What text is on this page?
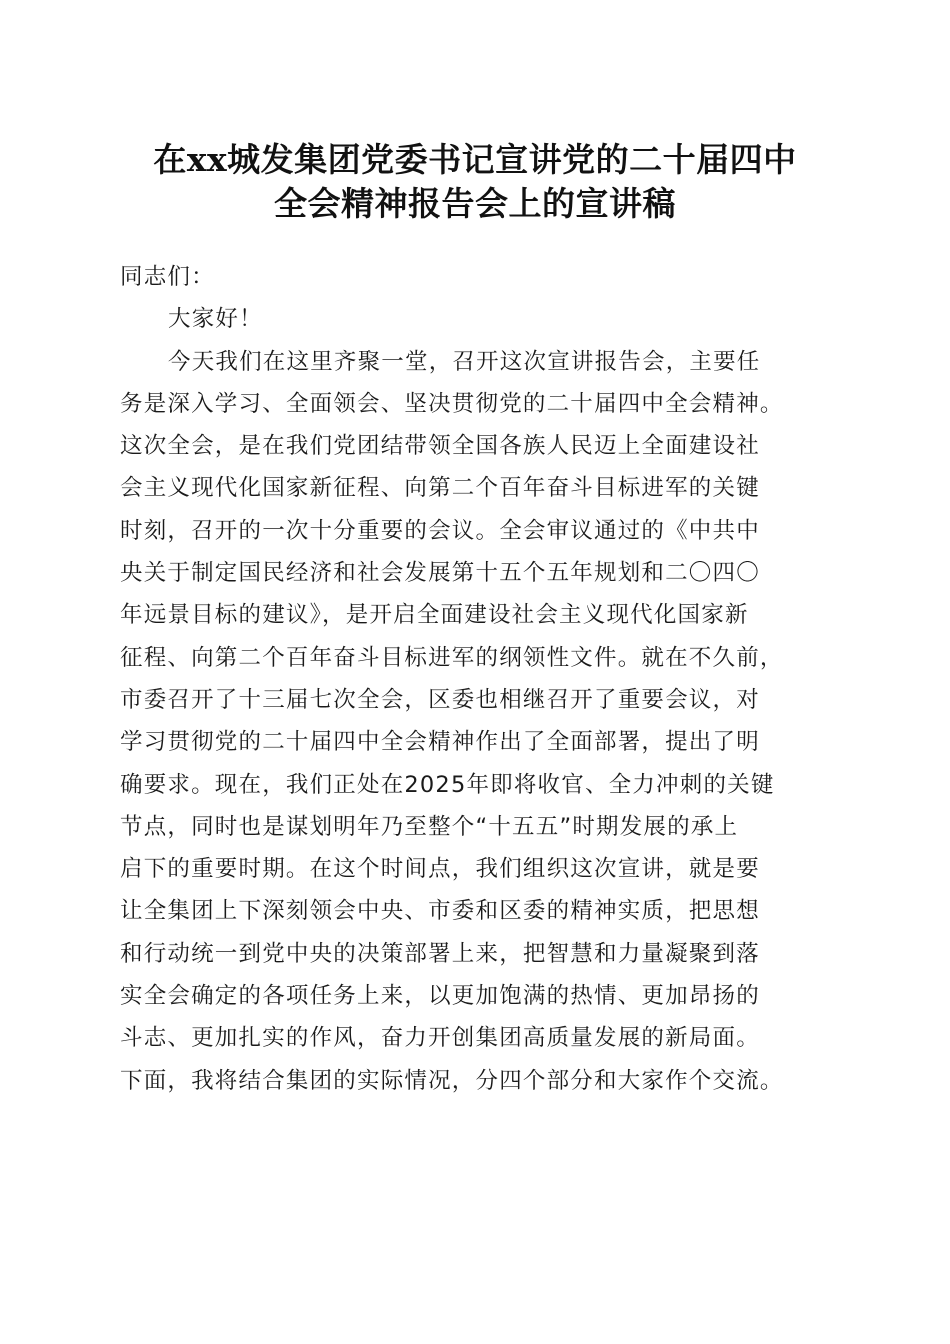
在xx城发集团党委书记宣讲党的二十届四中
全会精神报告会上的宣讲稿
同志们：
大家好！
今天我们在这里齐聚一堂，召开这次宣讲报告会，主要任
务是深入学习、全面领会、坚决贯彻党的二十届四中全会精神。
这次全会，是在我们党团结带领全国各族人民迈上全面建设社
会主义现代化国家新征程、向第二个百年奋斗目标进军的关键
时刻，召开的一次十分重要的会议。全会审议通过的《中共中
央关于制定国民经济和社会发展第十五个五年规划和二〇四〇
年远景目标的建议》，是开启全面建设社会主义现代化国家新
征程、向第二个百年奋斗目标进军的纲领性文件。就在不久前，
市委召开了十三届七次全会，区委也相继召开了重要会议，对
学习贯彻党的二十届四中全会精神作出了全面部署，提出了明
确要求。现在，我们正处在2025年即将收官、全力冲刺的关键
节点，同时也是谋划明年乃至整个“十五五”时期发展的承上
启下的重要时期。在这个时间点，我们组织这次宣讲，就是要
让全集团上下深刻领会中央、市委和区委的精神实质，把思想
和行动统一到党中央的决策部署上来，把智慧和力量凝聚到落
实全会确定的各项任务上来，以更加饱满的热情、更加昂扬的
斗志、更加扎实的作风，奋力开创集团高质量发展的新局面。
下面，我将结合集团的实际情况，分四个部分和大家作个交流。
